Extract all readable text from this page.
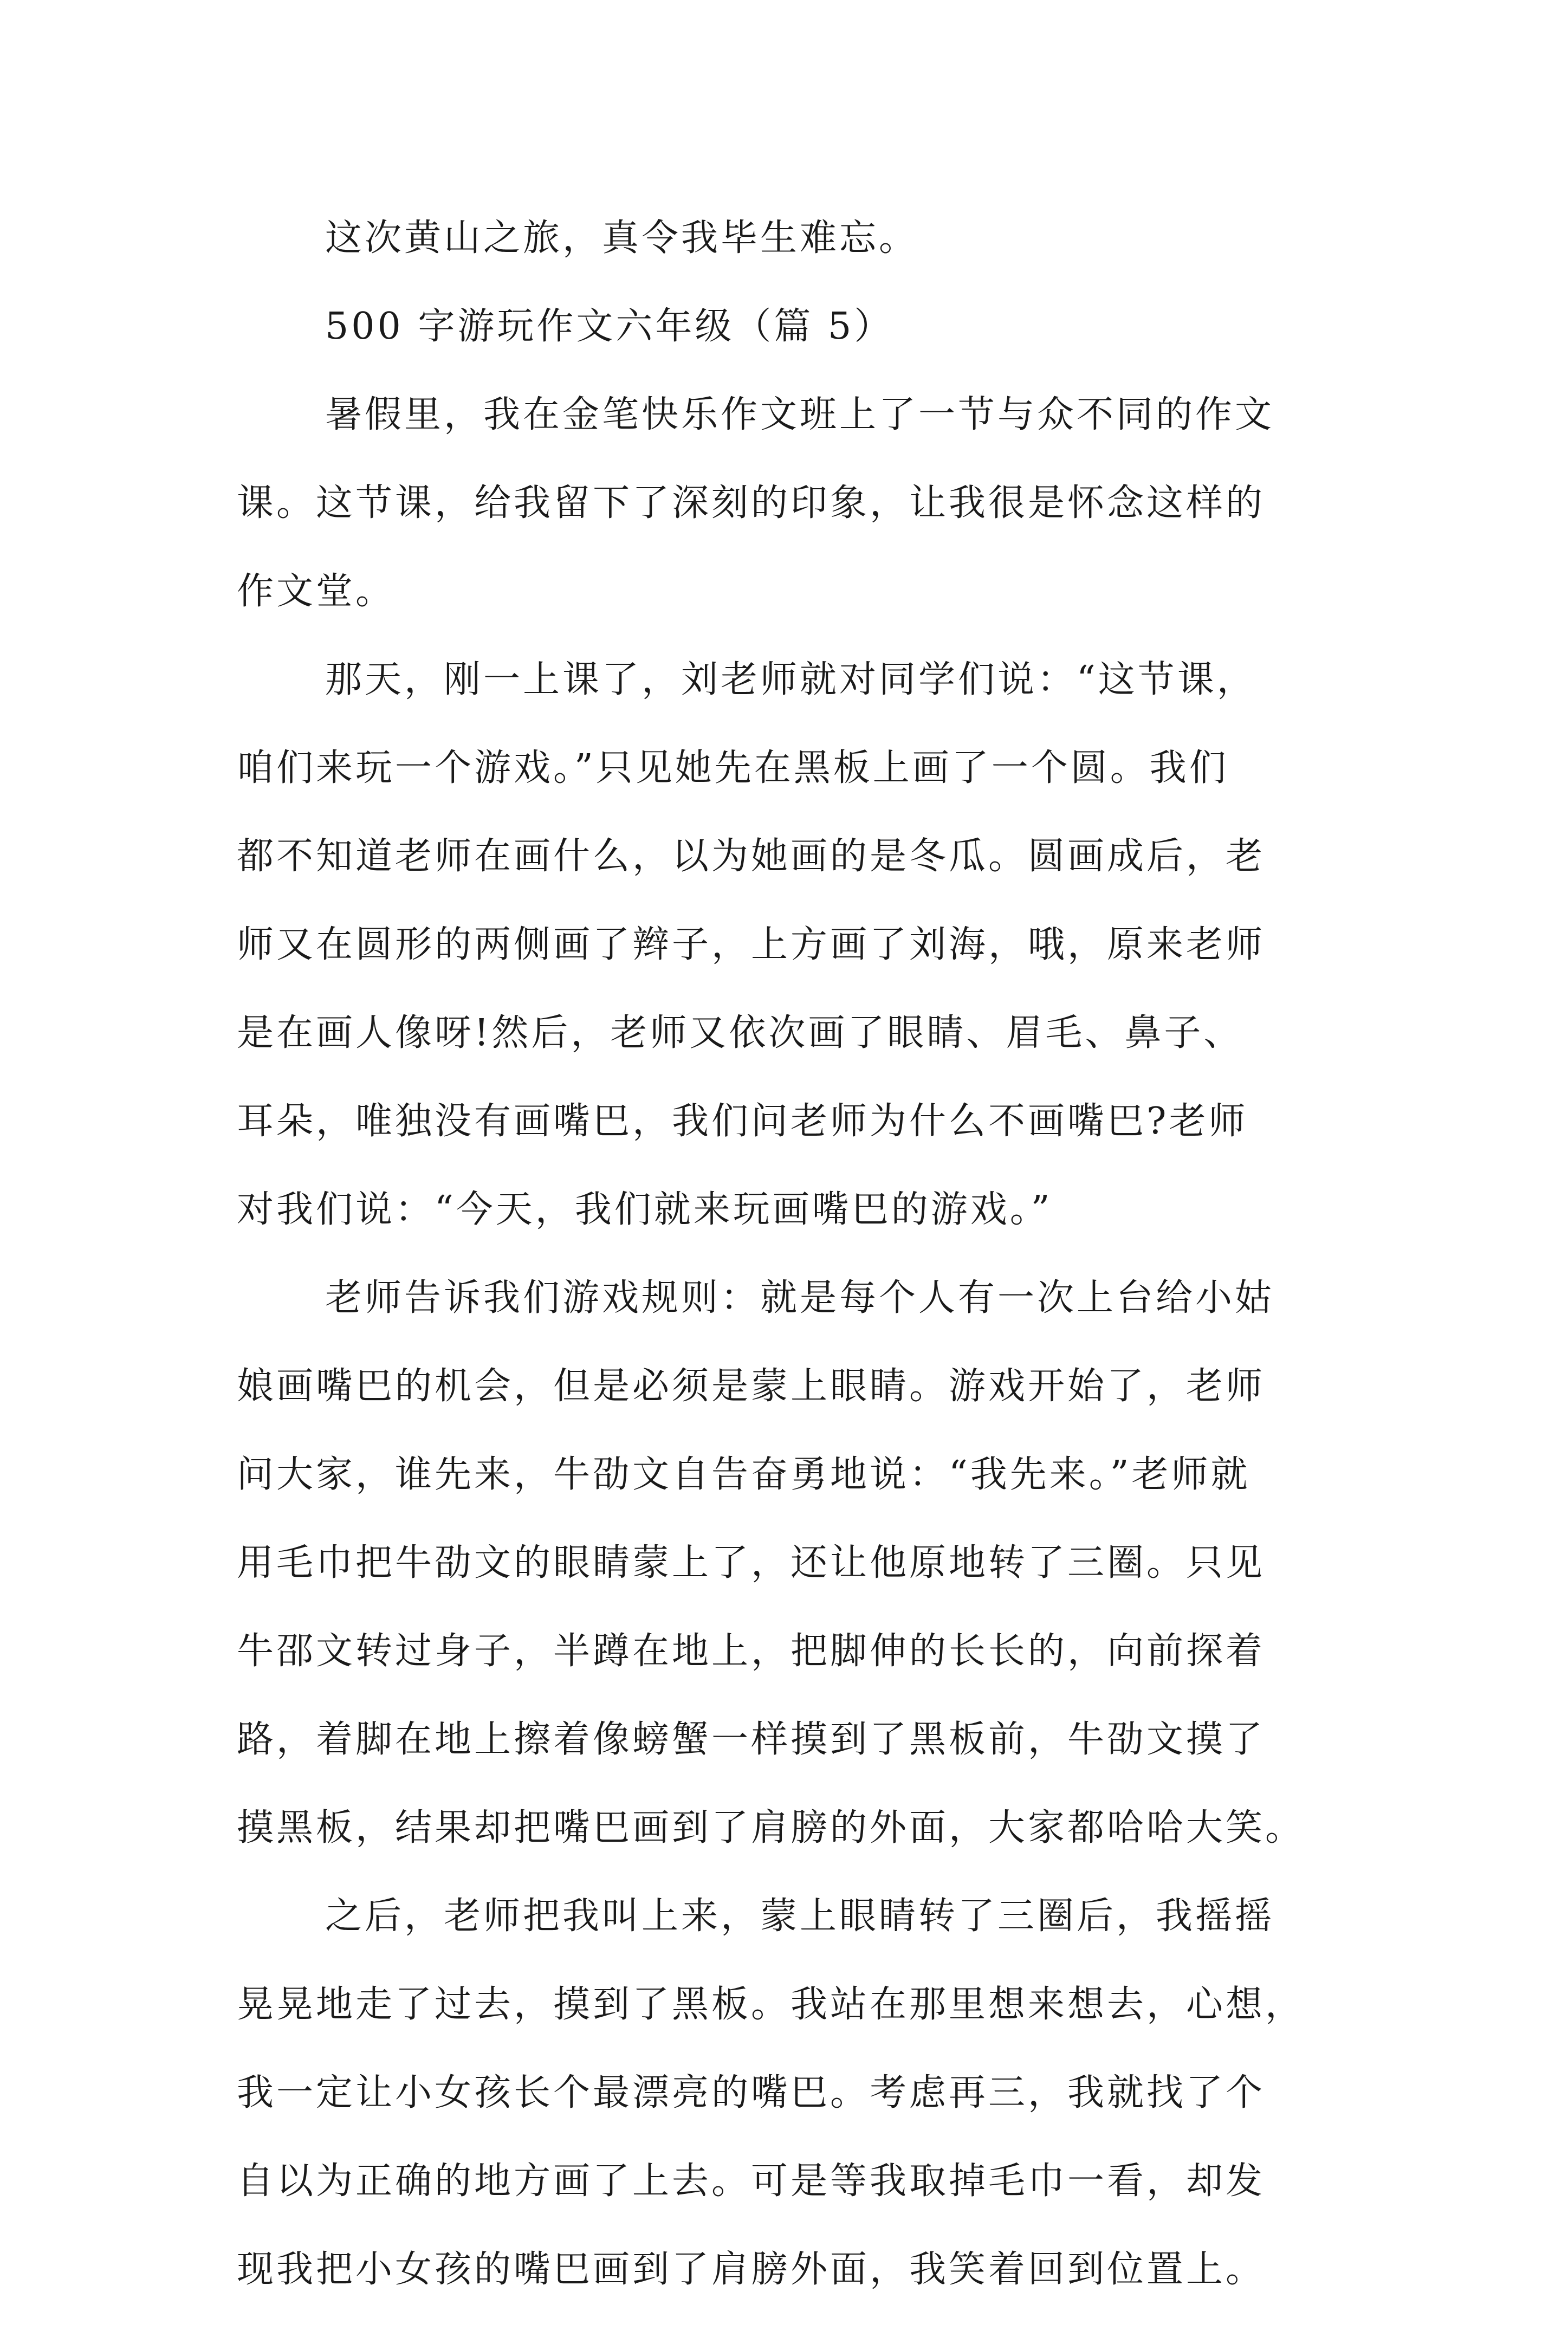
这次黄山之旅，真令我毕生难忘。

500 字游玩作文六年级（篇 5）

暑假里，我在金笔快乐作文班上了一节与众不同的作文
课。这节课，给我留下了深刻的印象，让我很是怀念这样的
作文堂。

那天，刚一上课了，刘老师就对同学们说：“这节课，
咱们来玩一个游戏。”只见她先在黑板上画了一个圆。我们
都不知道老师在画什么，以为她画的是冬瓜。圆画成后，老
师又在圆形的两侧画了辫子，上方画了刘海，哦，原来老师
是在画人像呀!然后，老师又依次画了眼睛、眉毛、鼻子、
耳朵，唯独没有画嘴巴，我们问老师为什么不画嘴巴?老师
对我们说：“今天，我们就来玩画嘴巴的游戏。”

老师告诉我们游戏规则：就是每个人有一次上台给小姑
娘画嘴巴的机会，但是必须是蒙上眼睛。游戏开始了，老师
问大家，谁先来，牛劭文自告奋勇地说：“我先来。”老师就
用毛巾把牛劭文的眼睛蒙上了，还让他原地转了三圈。只见
牛邵文转过身子，半蹲在地上，把脚伸的长长的，向前探着
路，着脚在地上擦着像螃蟹一样摸到了黑板前，牛劭文摸了
摸黑板，结果却把嘴巴画到了肩膀的外面，大家都哈哈大笑。

之后，老师把我叫上来，蒙上眼睛转了三圈后，我摇摇
晃晃地走了过去，摸到了黑板。我站在那里想来想去，心想，
我一定让小女孩长个最漂亮的嘴巴。考虑再三，我就找了个
自以为正确的地方画了上去。可是等我取掉毛巾一看，却发
现我把小女孩的嘴巴画到了肩膀外面，我笑着回到位置上。
